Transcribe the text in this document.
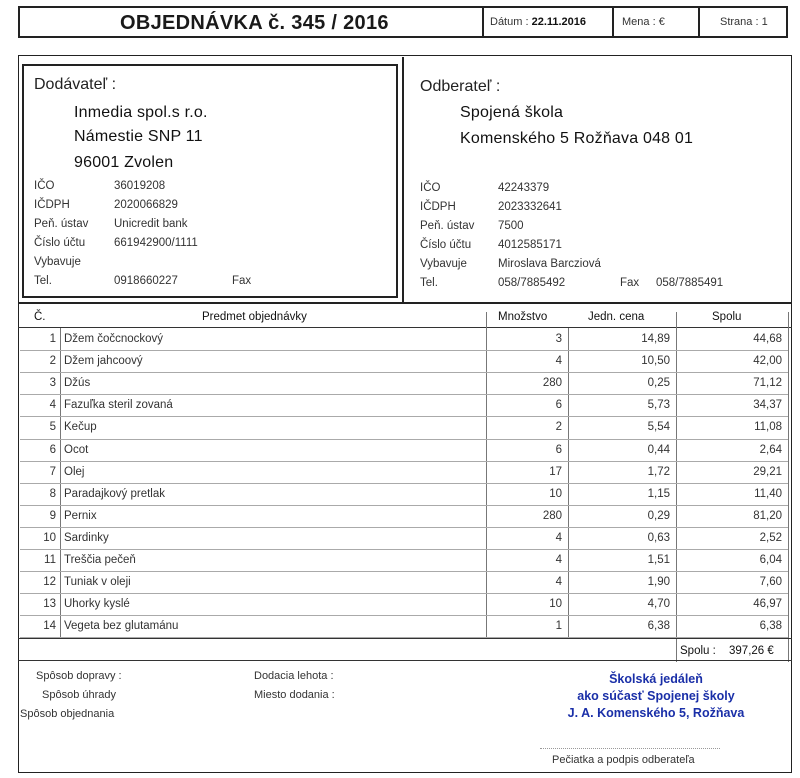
OBJEDNÁVKA č. 345 / 2016	Dátum : 22.11.2016	Mena : €	Strana : 1
Dodávateľ :
Inmedia spol.s r.o.
Námestie SNP 11
96001 Zvolen
IČO	36019208
IČDPH	2020066829
Peň. ústav Unicredit bank
Číslo účtu	661942900/1111
Vybavuje
Tel.	0918660227	Fax
Odberateľ :
Spojená škola
Komenského 5 Rožňava 048 01
IČO	42243379
IČDPH	2023332641
Peň. ústav 7500
Číslo účtu 4012585171
Vybavuje	Miroslava Barcziová
Tel.	058/7885492	Fax 058/7885491
Č.	Predmet objednávky	Množstvo	Jedn. cena	Spolu
1 Džem čočcnockový	3	14,89	44,68
2 Džem jahcoový	4	10,50	42,00
3 Džús	280	0,25	71,12
4 Fazuľka steril zovaná	6	5,73	34,37
5 Kečup	2	5,54	11,08
6 Ocot	6	0,44	2,64
7 Olej	17	1,72	29,21
8 Paradajkový pretlak	10	1,15	11,40
9 Pernix	280	0,29	81,20
10 Sardinky	4	0,63	2,52
11 Treščia pečeň	4	1,51	6,04
12 Tuniak v oleji	4	1,90	7,60
13 Uhorky kyslé	10	4,70	46,97
14 Vegeta bez glutamánu	1	6,38	6,38
Spolu : 397,26 €
Spôsob dopravy :
Spôsob úhrady
Spôsob objednania
Dodacia lehota :
Miesto dodania :
Školská jedáleň
ako súčasť Spojenej školy
J. A. Komenského 5, Rožňava
Pečiatka a podpis odberateľa
